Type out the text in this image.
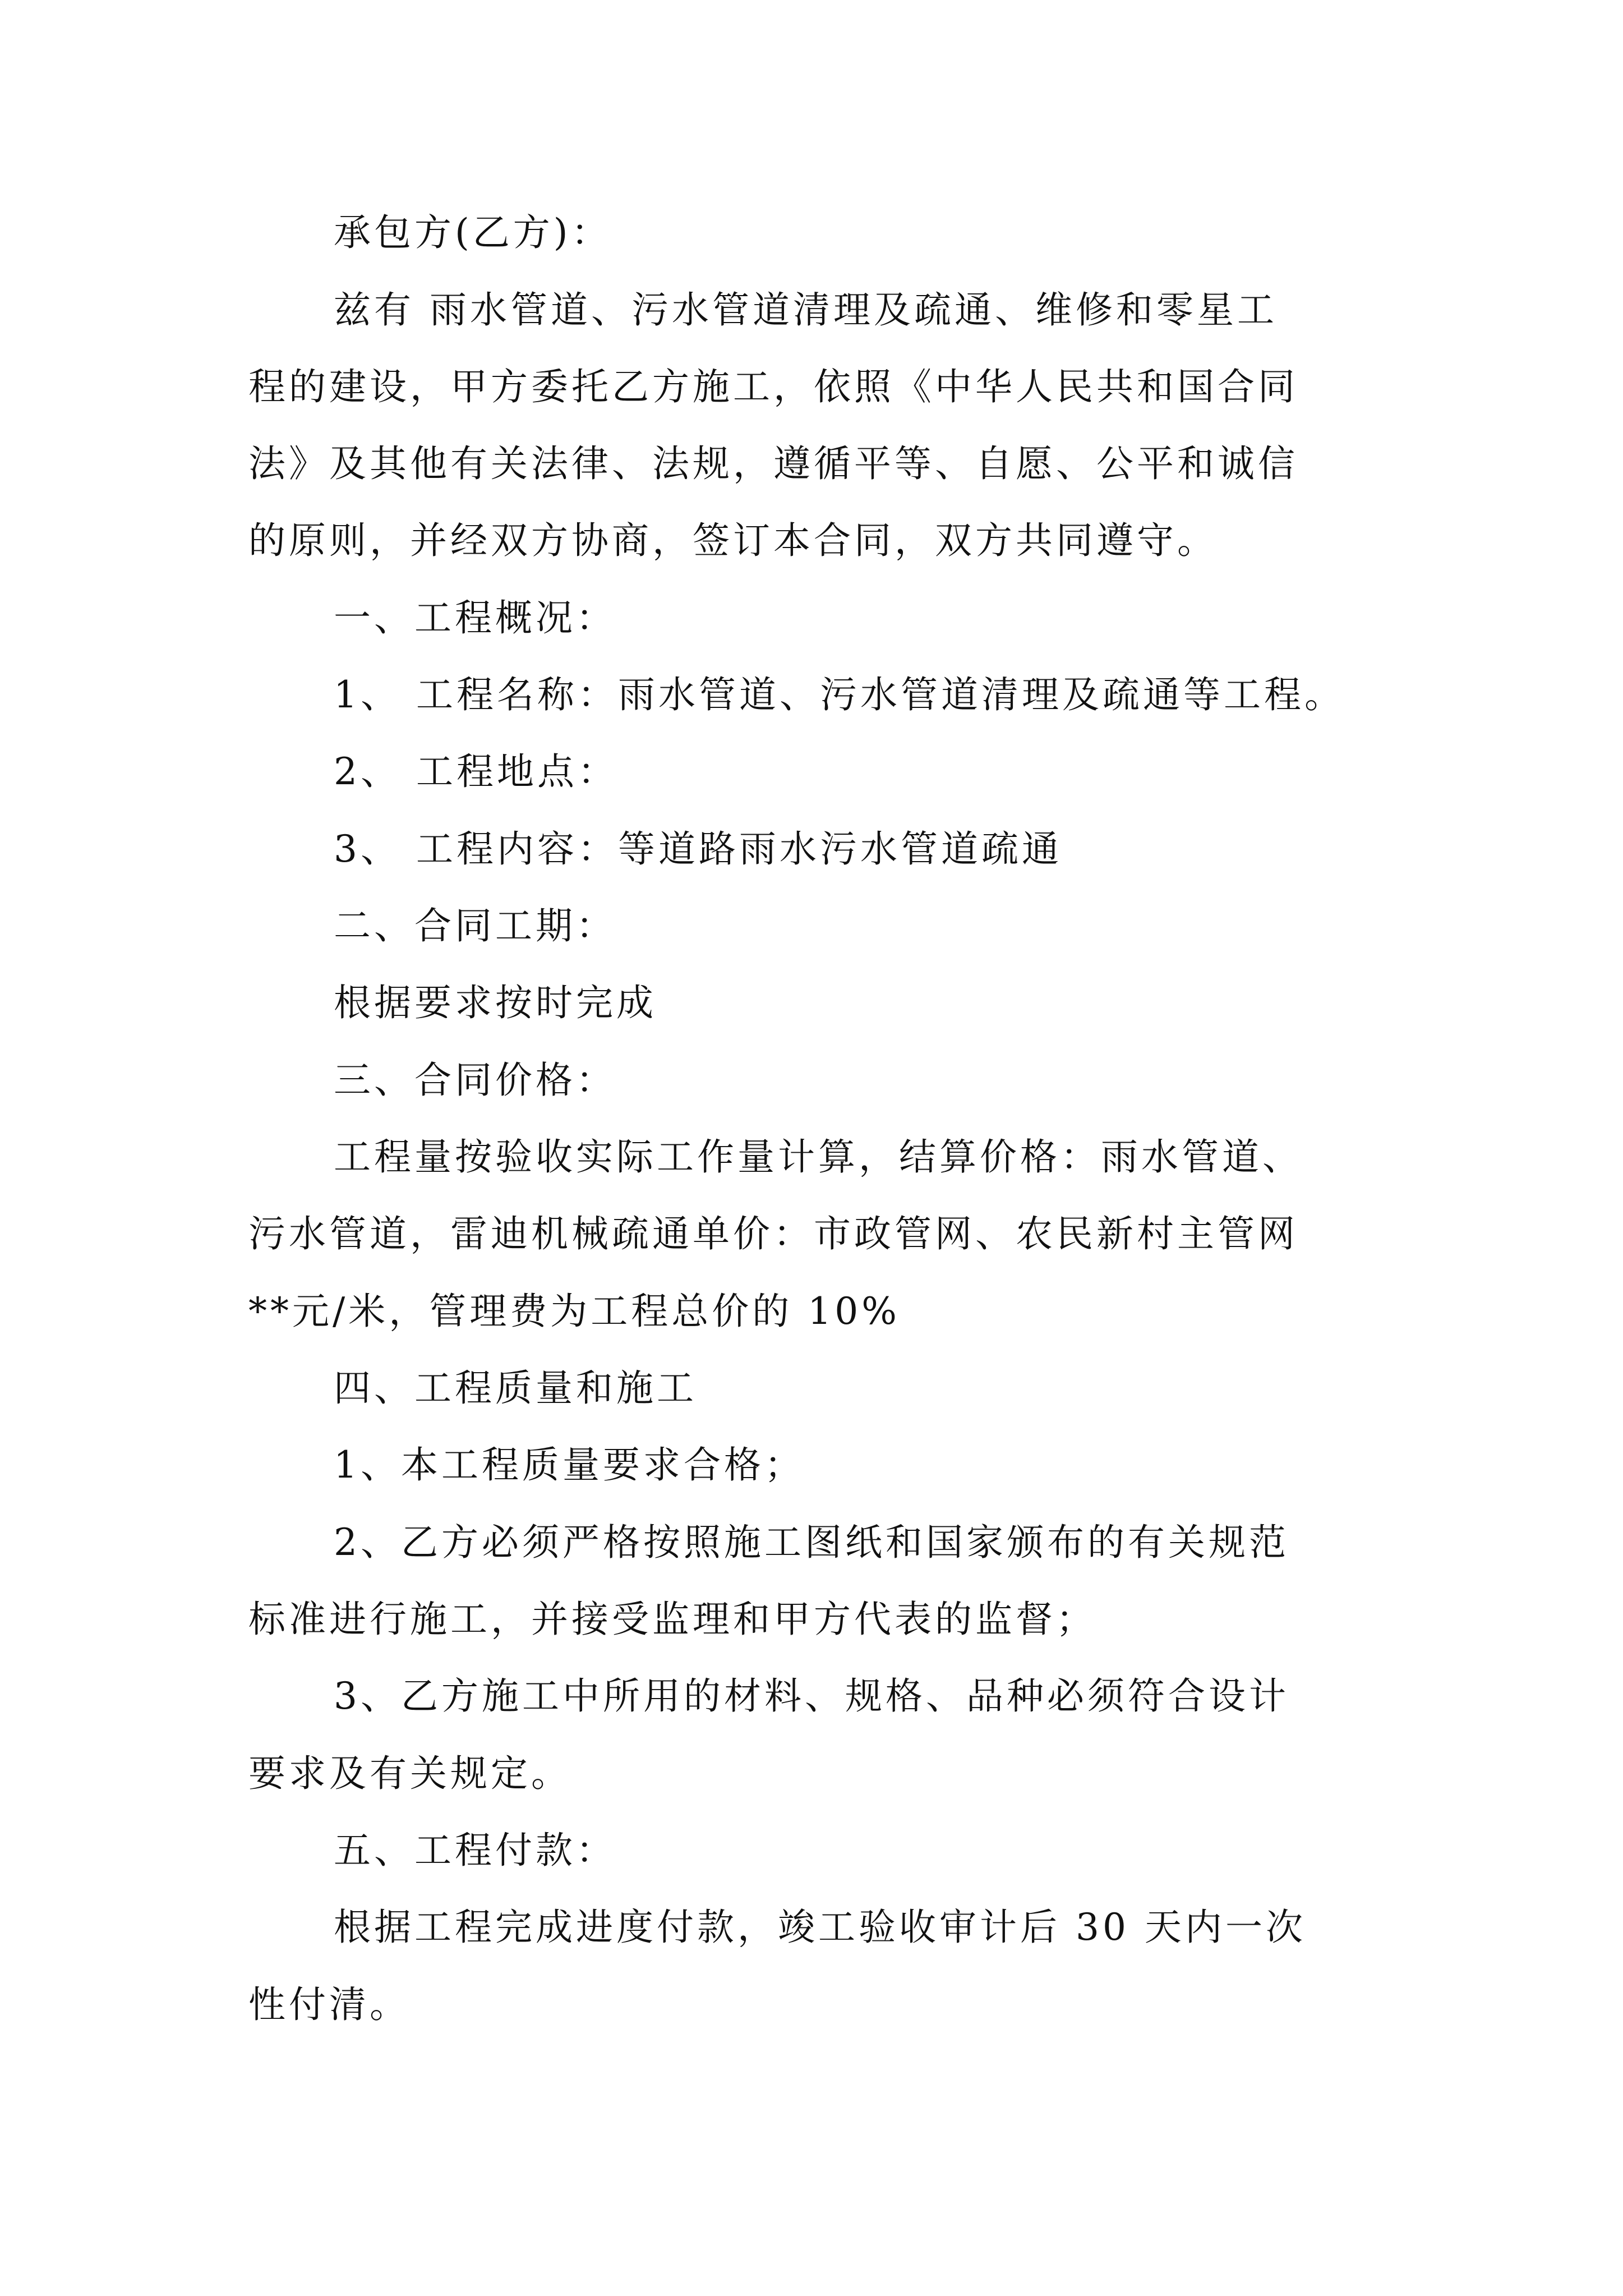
承包方(乙方)：

兹有 雨水管道、污水管道清理及疏通、维修和零星工

程的建设，甲方委托乙方施工，依照《中华人民共和国合同

法》及其他有关法律、法规，遵循平等、自愿、公平和诚信

的原则，并经双方协商，签订本合同，双方共同遵守。

一、工程概况：

1、 工程名称：雨水管道、污水管道清理及疏通等工程。

2、 工程地点：

3、 工程内容：等道路雨水污水管道疏通

二、合同工期：

根据要求按时完成

三、合同价格：

工程量按验收实际工作量计算，结算价格：雨水管道、

污水管道，雷迪机械疏通单价：市政管网、农民新村主管网

**元/米，管理费为工程总价的 10%

四、工程质量和施工

1、本工程质量要求合格；

2、乙方必须严格按照施工图纸和国家颁布的有关规范

标准进行施工，并接受监理和甲方代表的监督；

3、乙方施工中所用的材料、规格、品种必须符合设计

要求及有关规定。

五、工程付款：

根据工程完成进度付款，竣工验收审计后 30 天内一次

性付清。
